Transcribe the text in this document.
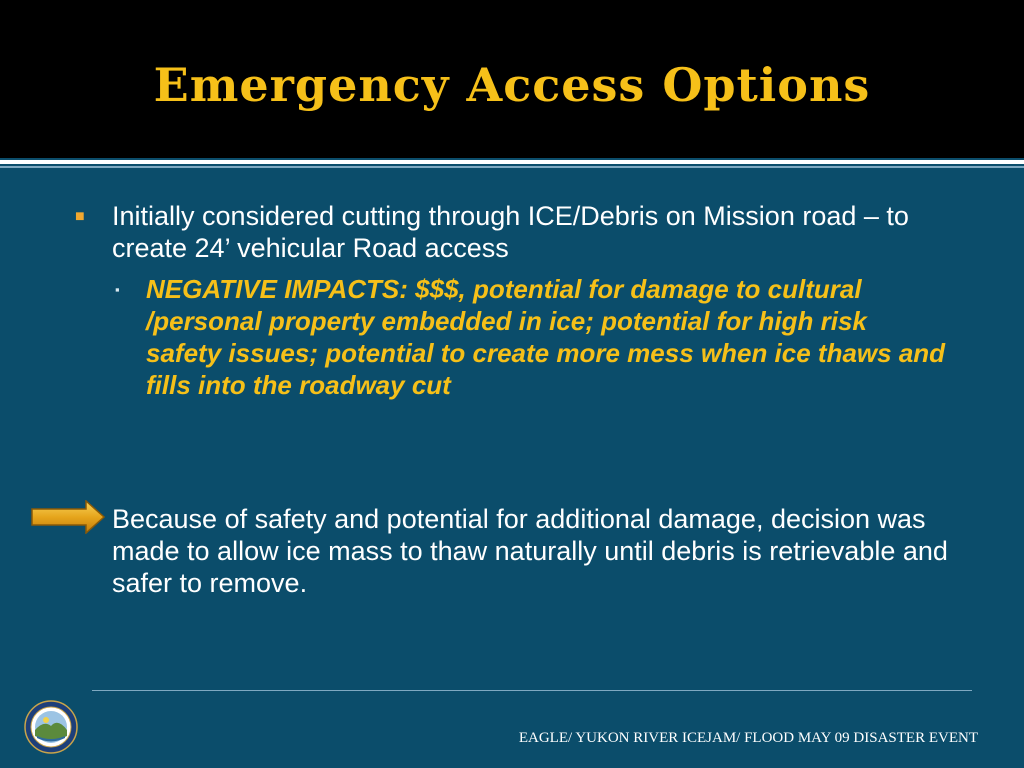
Emergency Access Options
■ Initially considered cutting through ICE/Debris on Mission road – to create 24’ vehicular Road access
▪ NEGATIVE IMPACTS: $$$, potential for damage to cultural /personal property embedded in ice; potential for high risk safety issues; potential to create more mess when ice thaws and fills into the roadway cut
Because of safety and potential for additional damage, decision was made to allow ice mass to thaw naturally until debris is retrievable and safer to remove.
EAGLE/ YUKON RIVER ICEJAM/ FLOOD MAY 09 DISASTER EVENT
